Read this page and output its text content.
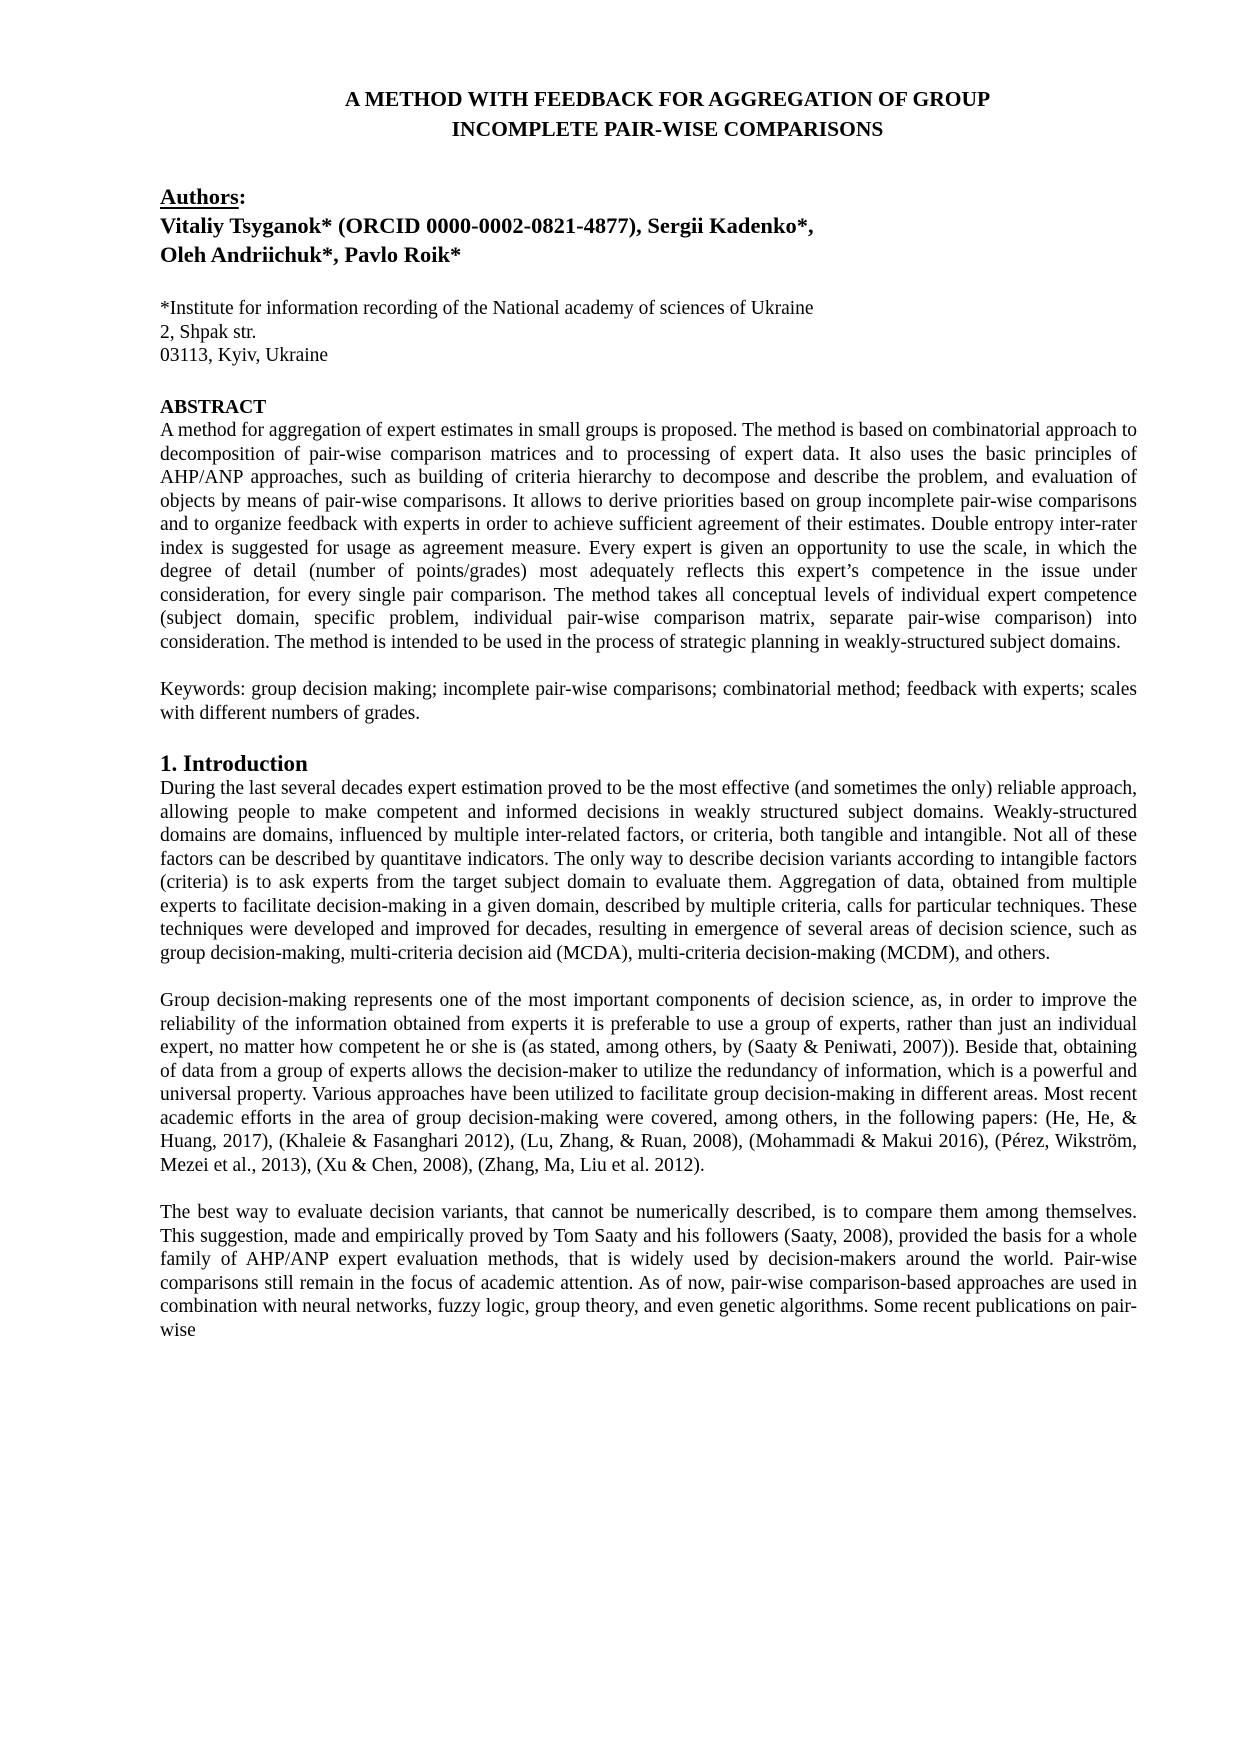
A METHOD WITH FEEDBACK FOR AGGREGATION OF GROUP
INCOMPLETE PAIR-WISE COMPARISONS
Authors:
Vitaliy Tsyganok* (ORCID 0000-0002-0821-4877), Sergii Kadenko*,
Oleh Andriichuk*, Pavlo Roik*
*Institute for information recording of the National academy of sciences of Ukraine
2, Shpak str.
03113, Kyiv, Ukraine
ABSTRACT

A method for aggregation of expert estimates in small groups is proposed. The method is based on combinatorial approach to decomposition of pair-wise comparison matrices and to processing of expert data. It also uses the basic principles of AHP/ANP approaches, such as building of criteria hierarchy to decompose and describe the problem, and evaluation of objects by means of pair-wise comparisons. It allows to derive priorities based on group incomplete pair-wise comparisons and to organize feedback with experts in order to achieve sufficient agreement of their estimates. Double entropy inter-rater index is suggested for usage as agreement measure. Every expert is given an opportunity to use the scale, in which the degree of detail (number of points/grades) most adequately reflects this expert’s competence in the issue under consideration, for every single pair comparison. The method takes all conceptual levels of individual expert competence (subject domain, specific problem, individual pair-wise comparison matrix, separate pair-wise comparison) into consideration. The method is intended to be used in the process of strategic planning in weakly-structured subject domains.

Keywords: group decision making; incomplete pair-wise comparisons; combinatorial method; feedback with experts; scales with different numbers of grades.

1. Introduction

During the last several decades expert estimation proved to be the most effective (and sometimes the only) reliable approach, allowing people to make competent and informed decisions in weakly structured subject domains. Weakly-structured domains are domains, influenced by multiple inter-related factors, or criteria, both tangible and intangible. Not all of these factors can be described by quantitave indicators. The only way to describe decision variants according to intangible factors (criteria) is to ask experts from the target subject domain to evaluate them. Aggregation of data, obtained from multiple experts to facilitate decision-making in a given domain, described by multiple criteria, calls for particular techniques. These techniques were developed and improved for decades, resulting in emergence of several areas of decision science, such as group decision-making, multi-criteria decision aid (MCDA), multi-criteria decision-making (MCDM), and others.

Group decision-making represents one of the most important components of decision science, as, in order to improve the reliability of the information obtained from experts it is preferable to use a group of experts, rather than just an individual expert, no matter how competent he or she is (as stated, among others, by (Saaty & Peniwati, 2007)). Beside that, obtaining of data from a group of experts allows the decision-maker to utilize the redundancy of information, which is a powerful and universal property. Various approaches have been utilized to facilitate group decision-making in different areas. Most recent academic efforts in the area of group decision-making were covered, among others, in the following papers: (He, He, & Huang, 2017), (Khaleie & Fasanghari 2012), (Lu, Zhang, & Ruan, 2008), (Mohammadi & Makui 2016), (Pérez, Wikström, Mezei et al., 2013), (Xu & Chen, 2008), (Zhang, Ma, Liu et al. 2012).

The best way to evaluate decision variants, that cannot be numerically described, is to compare them among themselves. This suggestion, made and empirically proved by Tom Saaty and his followers (Saaty, 2008), provided the basis for a whole family of AHP/ANP expert evaluation methods, that is widely used by decision-makers around the world. Pair-wise comparisons still remain in the focus of academic attention. As of now, pair-wise comparison-based approaches are used in combination with neural networks, fuzzy logic, group theory, and even genetic algorithms. Some recent publications on pair-wise
